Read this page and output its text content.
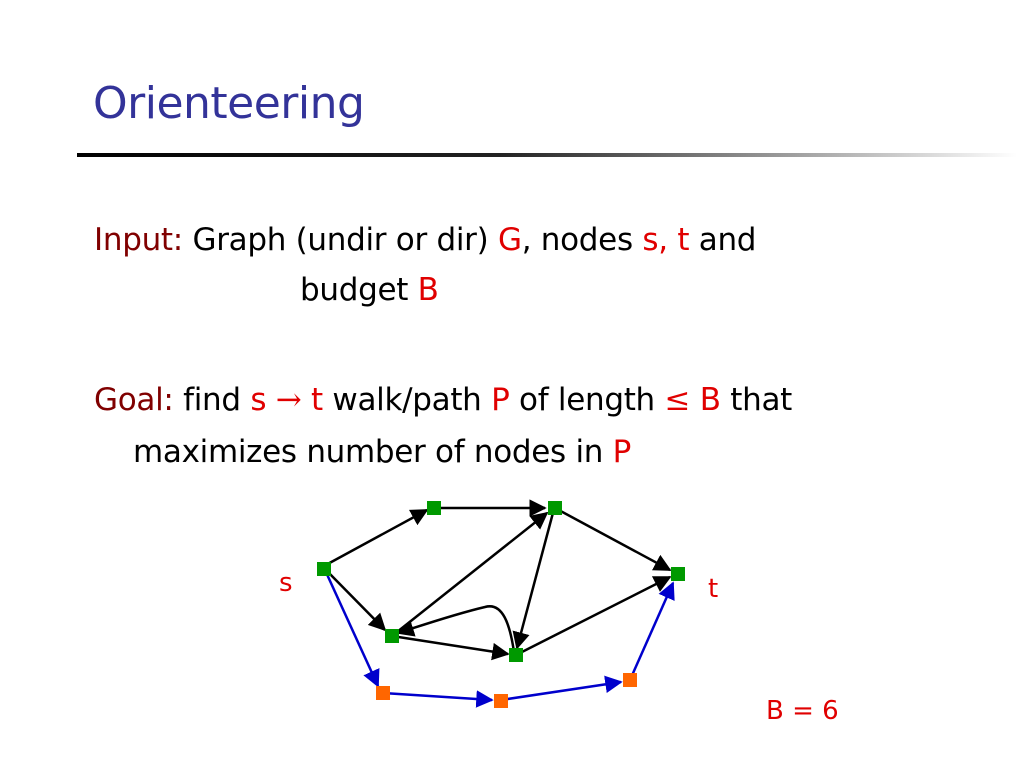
Orienteering
Input: Graph (undir or dir) G, nodes s, t and
budget B
Goal: find s → t walk/path P of length ≤ B that
maximizes number of nodes in P
s	t
B = 6
